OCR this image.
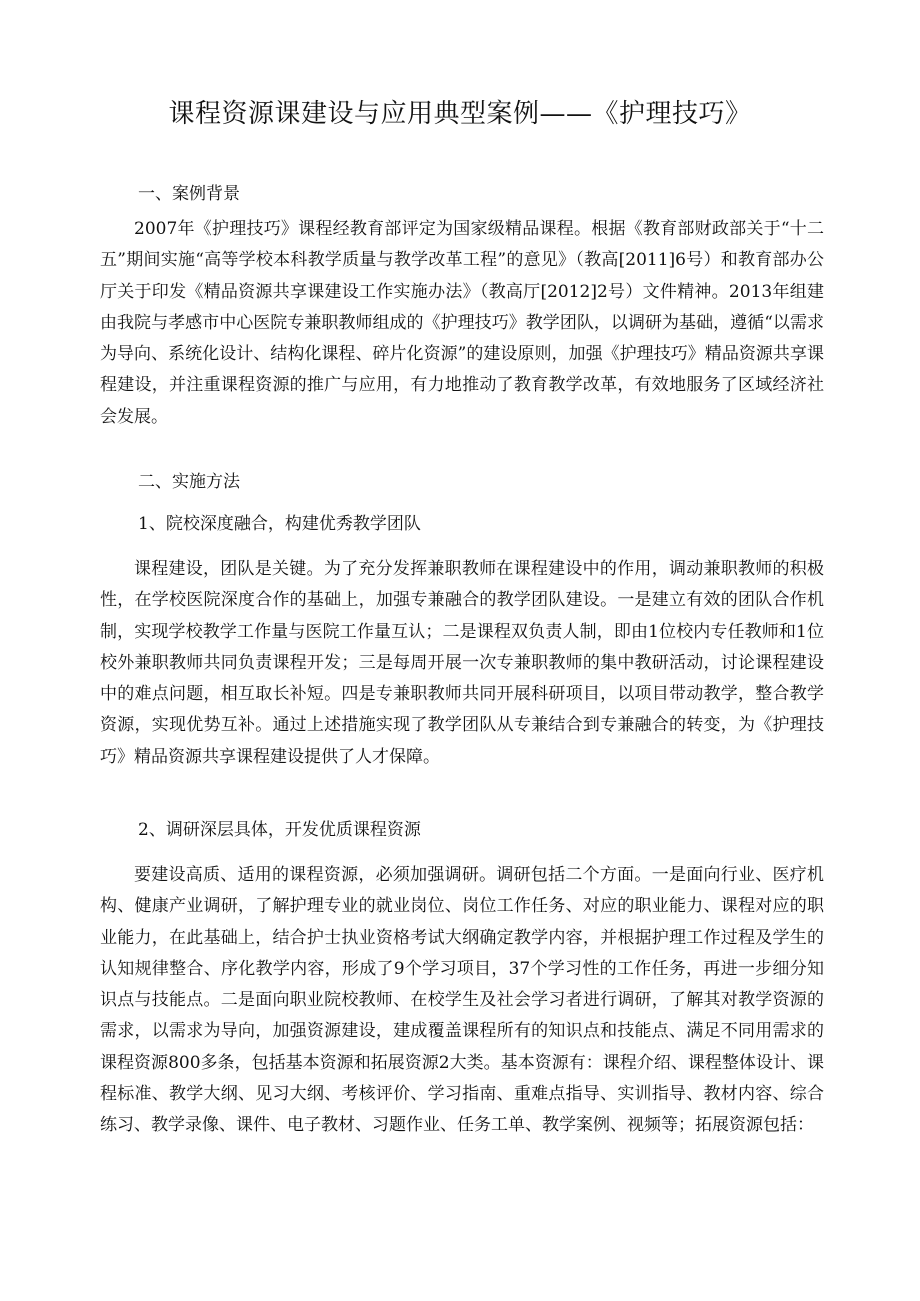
课程资源课建设与应用典型案例——《护理技巧》

一、案例背景

2007年《护理技巧》课程经教育部评定为国家级精品课程。根据《教育部财政部关于“十二五”期间实施“高等学校本科教学质量与教学改革工程”的意见》（教高[2011]6号）和教育部办公厅关于印发《精品资源共享课建设工作实施办法》（教高厅[2012]2号）文件精神。2013年组建由我院与孝感市中心医院专兼职教师组成的《护理技巧》教学团队，以调研为基础，遵循“以需求为导向、系统化设计、结构化课程、碎片化资源”的建设原则，加强《护理技巧》精品资源共享课程建设，并注重课程资源的推广与应用，有力地推动了教育教学改革，有效地服务了区域经济社会发展。

二、实施方法

1、院校深度融合，构建优秀教学团队

课程建设，团队是关键。为了充分发挥兼职教师在课程建设中的作用，调动兼职教师的积极性，在学校医院深度合作的基础上，加强专兼融合的教学团队建设。一是建立有效的团队合作机制，实现学校教学工作量与医院工作量互认；二是课程双负责人制，即由1位校内专任教师和1位校外兼职教师共同负责课程开发；三是每周开展一次专兼职教师的集中教研活动，讨论课程建设中的难点问题，相互取长补短。四是专兼职教师共同开展科研项目，以项目带动教学，整合教学资源，实现优势互补。通过上述措施实现了教学团队从专兼结合到专兼融合的转变，为《护理技巧》精品资源共享课程建设提供了人才保障。

2、调研深层具体，开发优质课程资源

要建设高质、适用的课程资源，必须加强调研。调研包括二个方面。一是面向行业、医疗机构、健康产业调研，了解护理专业的就业岗位、岗位工作任务、对应的职业能力、课程对应的职业能力，在此基础上，结合护士执业资格考试大纲确定教学内容，并根据护理工作过程及学生的认知规律整合、序化教学内容，形成了9个学习项目，37个学习性的工作任务，再进一步细分知识点与技能点。二是面向职业院校教师、在校学生及社会学习者进行调研，了解其对教学资源的需求，以需求为导向，加强资源建设，建成覆盖课程所有的知识点和技能点、满足不同用需求的课程资源800多条，包括基本资源和拓展资源2大类。基本资源有：课程介绍、课程整体设计、课程标准、教学大纲、见习大纲、考核评价、学习指南、重难点指导、实训指导、教材内容、综合练习、教学录像、课件、电子教材、习题作业、任务工单、教学案例、视频等；拓展资源包括：
